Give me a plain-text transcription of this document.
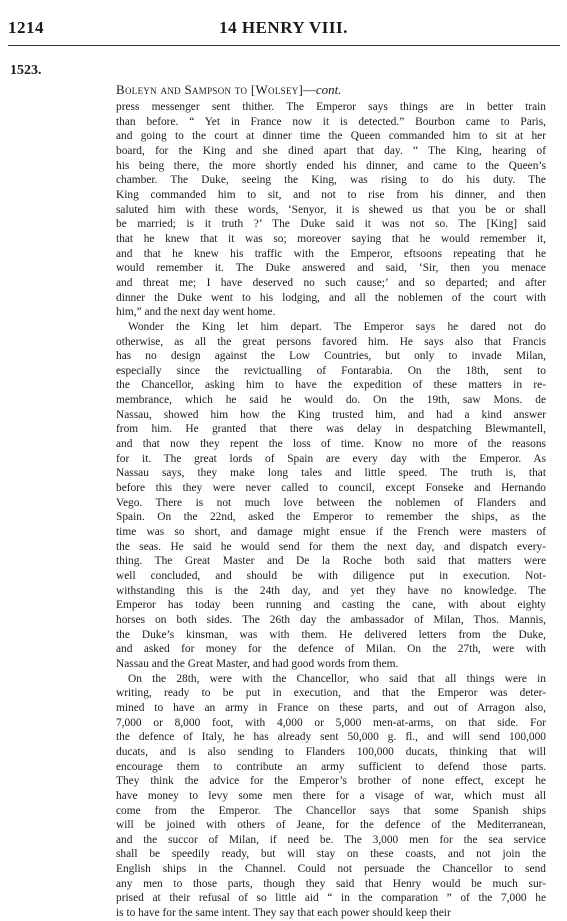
1214	14 HENRY VIII.
1523.
Boleyn and Sampson to [Wolsey]—cont.
press messenger sent thither. The Emperor says things are in better train
than before. “ Yet in France now it is detected.” Bourbon came to Paris,
and going to the court at dinner time the Queen commanded him to sit at her
board, for the King and she dined apart that day. “ The King, hearing of
his being there, the more shortly ended his dinner, and came to the Queen’s
chamber. The Duke, seeing the King, was rising to do his duty. The
King commanded him to sit, and not to rise from his dinner, and then
saluted him with these words, ‘Senyor, it is shewed us that you be or shall
be married; is it truth ?’ The Duke said it was not so. The [King] said
that he knew that it was so; moreover saying that he would remember it,
and that he knew his traffic with the Emperor, eftsoons repeating that he
would remember it. The Duke answered and said, ‘Sir, then you menace
and threat me; I have deserved no such cause;’ and so departed; and after
dinner the Duke went to his lodging, and all the noblemen of the court with
him,” and the next day went home.
Wonder the King let him depart. The Emperor says he dared not do
otherwise, as all the great persons favored him. He says also that Francis
has no design against the Low Countries, but only to invade Milan,
especially since the revictualling of Fontarabia. On the 18th, sent to
the Chancellor, asking him to have the expedition of these matters in re-
membrance, which he said he would do. On the 19th, saw Mons. de
Nassau, showed him how the King trusted him, and had a kind answer
from him. He granted that there was delay in despatching Blewmantell,
and that now they repent the loss of time. Know no more of the reasons
for it. The great lords of Spain are every day with the Emperor. As
Nassau says, they make long tales and little speed. The truth is, that
before this they were never called to council, except Fonseke and Hernando
Vego. There is not much love between the noblemen of Flanders and
Spain. On the 22nd, asked the Emperor to remember the ships, as the
time was so short, and damage might ensue if the French were masters of
the seas. He said he would send for them the next day, and dispatch every-
thing. The Great Master and De la Roche both said that matters were
well concluded, and should be with diligence put in execution. Not-
withstanding this is the 24th day, and yet they have no knowledge. The
Emperor has today been running and casting the cane, with about eighty
horses on both sides. The 26th day the ambassador of Milan, Thos. Mannis,
the Duke’s kinsman, was with them. He delivered letters from the Duke,
and asked for money for the defence of Milan. On the 27th, were with
Nassau and the Great Master, and had good words from them.
On the 28th, were with the Chancellor, who said that all things were in
writing, ready to be put in execution, and that the Emperor was deter-
mined to have an army in France on these parts, and out of Arragon also,
7,000 or 8,000 foot, with 4,000 or 5,000 men-at-arms, on that side. For
the defence of Italy, he has already sent 50,000 g. fl., and will send 100,000
ducats, and is also sending to Flanders 100,000 ducats, thinking that will
encourage them to contribute an army sufficient to defend those parts.
They think the advice for the Emperor’s brother of none effect, except he
have money to levy some men there for a visage of war, which must all
come from the Emperor. The Chancellor says that some Spanish ships
will be joined with others of Jeane, for the defence of the Mediterranean,
and the succor of Milan, if need be. The 3,000 men for the sea service
shall be speedily ready, but will stay on these coasts, and not join the
English ships in the Channel. Could not persuade the Chancellor to send
any men to those parts, though they said that Henry would be much sur-
prised at their refusal of so little aid “ in the comparation ” of the 7,000 he
is to have for the same intent. They say that each power should keep their
